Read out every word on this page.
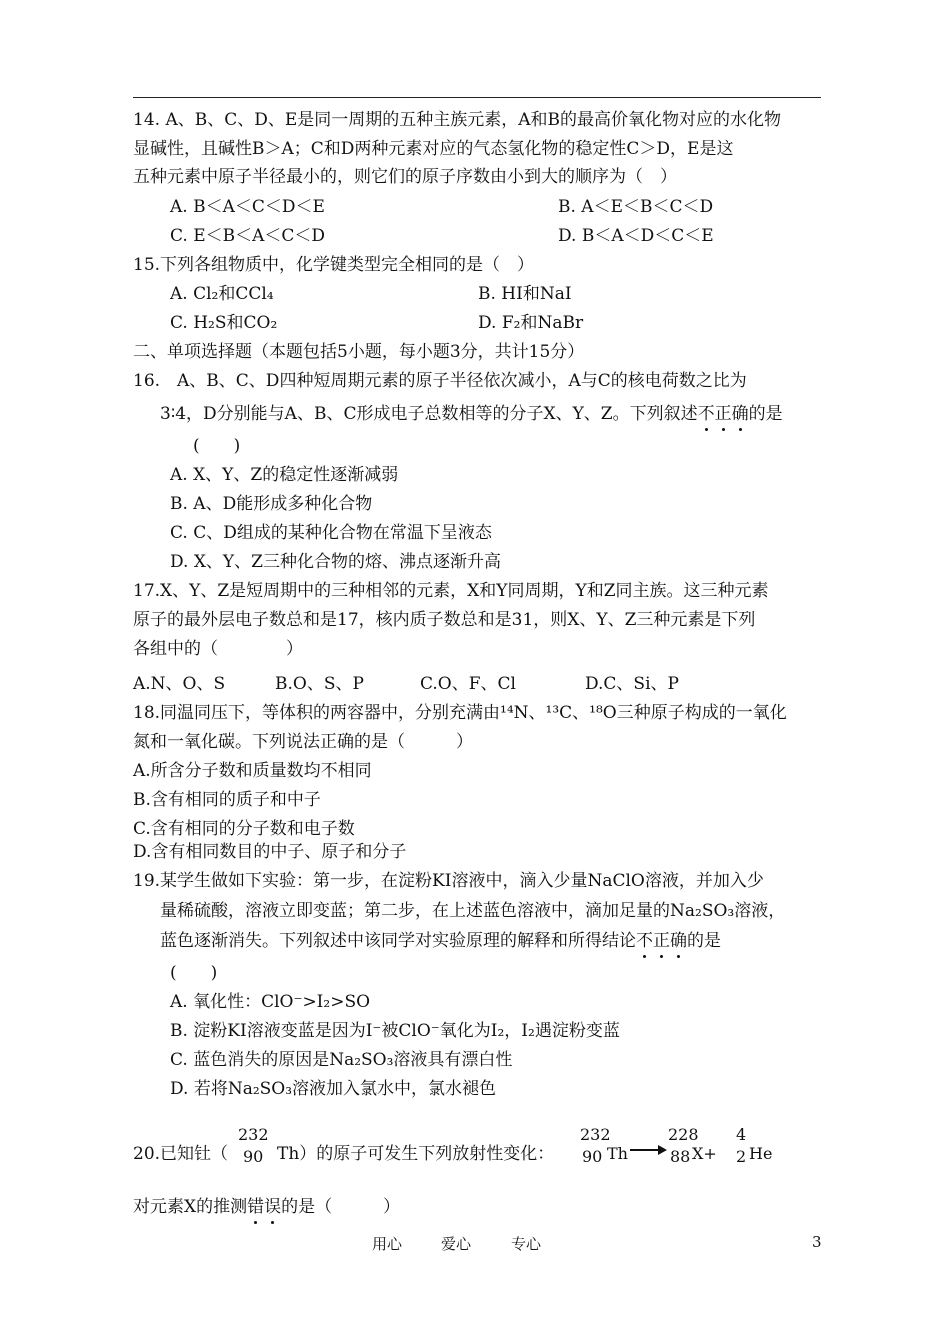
14. A、B、C、D、E是同一周期的五种主族元素，A和B的最高价氧化物对应的水化物
显碱性，且碱性B＞A；C和D两种元素对应的气态氢化物的稳定性C＞D，E是这
五种元素中原子半径最小的，则它们的原子序数由小到大的顺序为（　）
A. B＜A＜C＜D＜E	B. A＜E＜B＜C＜D
C. E＜B＜A＜C＜D	D. B＜A＜D＜C＜E
15.下列各组物质中，化学键类型完全相同的是（　）
A. Cl₂和CCl₄	B. HI和NaI
C. H₂S和CO₂	D. F₂和NaBr
二、单项选择题（本题包括5小题，每小题3分，共计15分）
16.　A、B、C、D四种短周期元素的原子半径依次减小，A与C的核电荷数之比为
3∶4，D分别能与A、B、C形成电子总数相等的分子X、Y、Z。下列叙述不正确的是
(　　)
A. X、Y、Z的稳定性逐渐减弱
B. A、D能形成多种化合物
C. C、D组成的某种化合物在常温下呈液态
D. X、Y、Z三种化合物的熔、沸点逐渐升高
17.X、Y、Z是短周期中的三种相邻的元素，X和Y同周期，Y和Z同主族。这三种元素
原子的最外层电子数总和是17，核内质子数总和是31，则X、Y、Z三种元素是下列
各组中的（　　　　）
A.N、O、S	B.O、S、P	C.O、F、Cl	D.C、Si、P
18.同温同压下，等体积的两容器中，分别充满由¹⁴N、¹³C、¹⁸O三种原子构成的一氧化
氮和一氧化碳。下列说法正确的是（　　　）
A.所含分子数和质量数均不相同
B.含有相同的质子和中子
C.含有相同的分子数和电子数
D.含有相同数目的中子、原子和分子
19.某学生做如下实验：第一步，在淀粉KI溶液中，滴入少量NaClO溶液，并加入少
量稀硫酸，溶液立即变蓝；第二步，在上述蓝色溶液中，滴加足量的Na₂SO₃溶液，
蓝色逐渐消失。下列叙述中该同学对实验原理的解释和所得结论不正确的是
(　　)
A. 氧化性：ClO⁻>I₂>SO
B. 淀粉KI溶液变蓝是因为I⁻被ClO⁻氧化为I₂，I₂遇淀粉变蓝
C. 蓝色消失的原因是Na₂SO₃溶液具有漂白性
D. 若将Na₂SO₃溶液加入氯水中，氯水褪色
20.已知钍（
232
90 Th）的原子可发生下列放射性变化：
232
90 Th →
228
88 X+
4
2 He
对元素X的推测错误的是（　　　）
用心	爱心	专心	3
